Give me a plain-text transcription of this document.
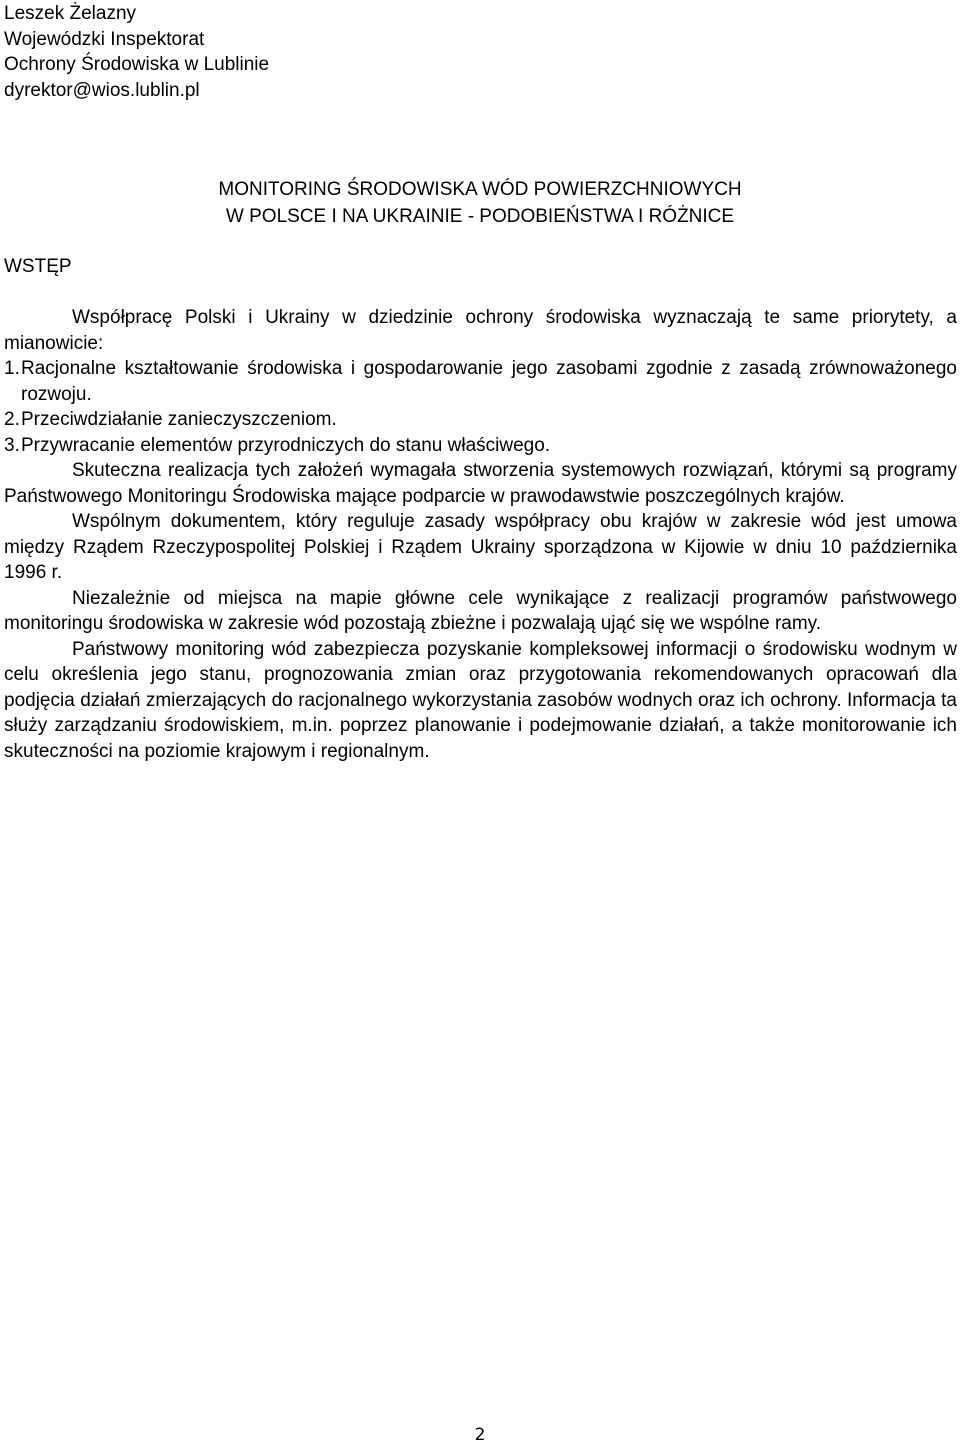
Leszek Żelazny
Wojewódzki Inspektorat
Ochrony Środowiska w Lublinie
dyrektor@wios.lublin.pl
MONITORING ŚRODOWISKA WÓD POWIERZCHNIOWYCH
W POLSCE I NA UKRAINIE - PODOBIEŃSTWA I RÓŻNICE
WSTĘP

Współpracę Polski i Ukrainy w dziedzinie ochrony środowiska wyznaczają te same priorytety, a mianowicie:

1. Racjonalne kształtowanie środowiska i gospodarowanie jego zasobami zgodnie z zasadą zrównoważonego rozwoju.
2. Przeciwdziałanie zanieczyszczeniom.
3. Przywracanie elementów przyrodniczych do stanu właściwego.

Skuteczna realizacja tych założeń wymagała stworzenia systemowych rozwiązań, którymi są programy Państwowego Monitoringu Środowiska mające podparcie w prawodawstwie poszczególnych krajów.

Wspólnym dokumentem, który reguluje zasady współpracy obu krajów w zakresie wód jest umowa między Rządem Rzeczypospolitej Polskiej i Rządem Ukrainy sporządzona w Kijowie w dniu 10 października 1996 r.

Niezależnie od miejsca na mapie główne cele wynikające z realizacji programów państwowego monitoringu środowiska w zakresie wód pozostają zbieżne i pozwalają ująć się we wspólne ramy.

Państwowy monitoring wód zabezpiecza pozyskanie kompleksowej informacji o środowisku wodnym w celu określenia jego stanu, prognozowania zmian oraz przygotowania rekomendowanych opracowań dla podjęcia działań zmierzających do racjonalnego wykorzystania zasobów wodnych oraz ich ochrony. Informacja ta służy zarządzaniu środowiskiem, m.in. poprzez planowanie i podejmowanie działań, a także monitorowanie ich skuteczności na poziomie krajowym i regionalnym.

2
